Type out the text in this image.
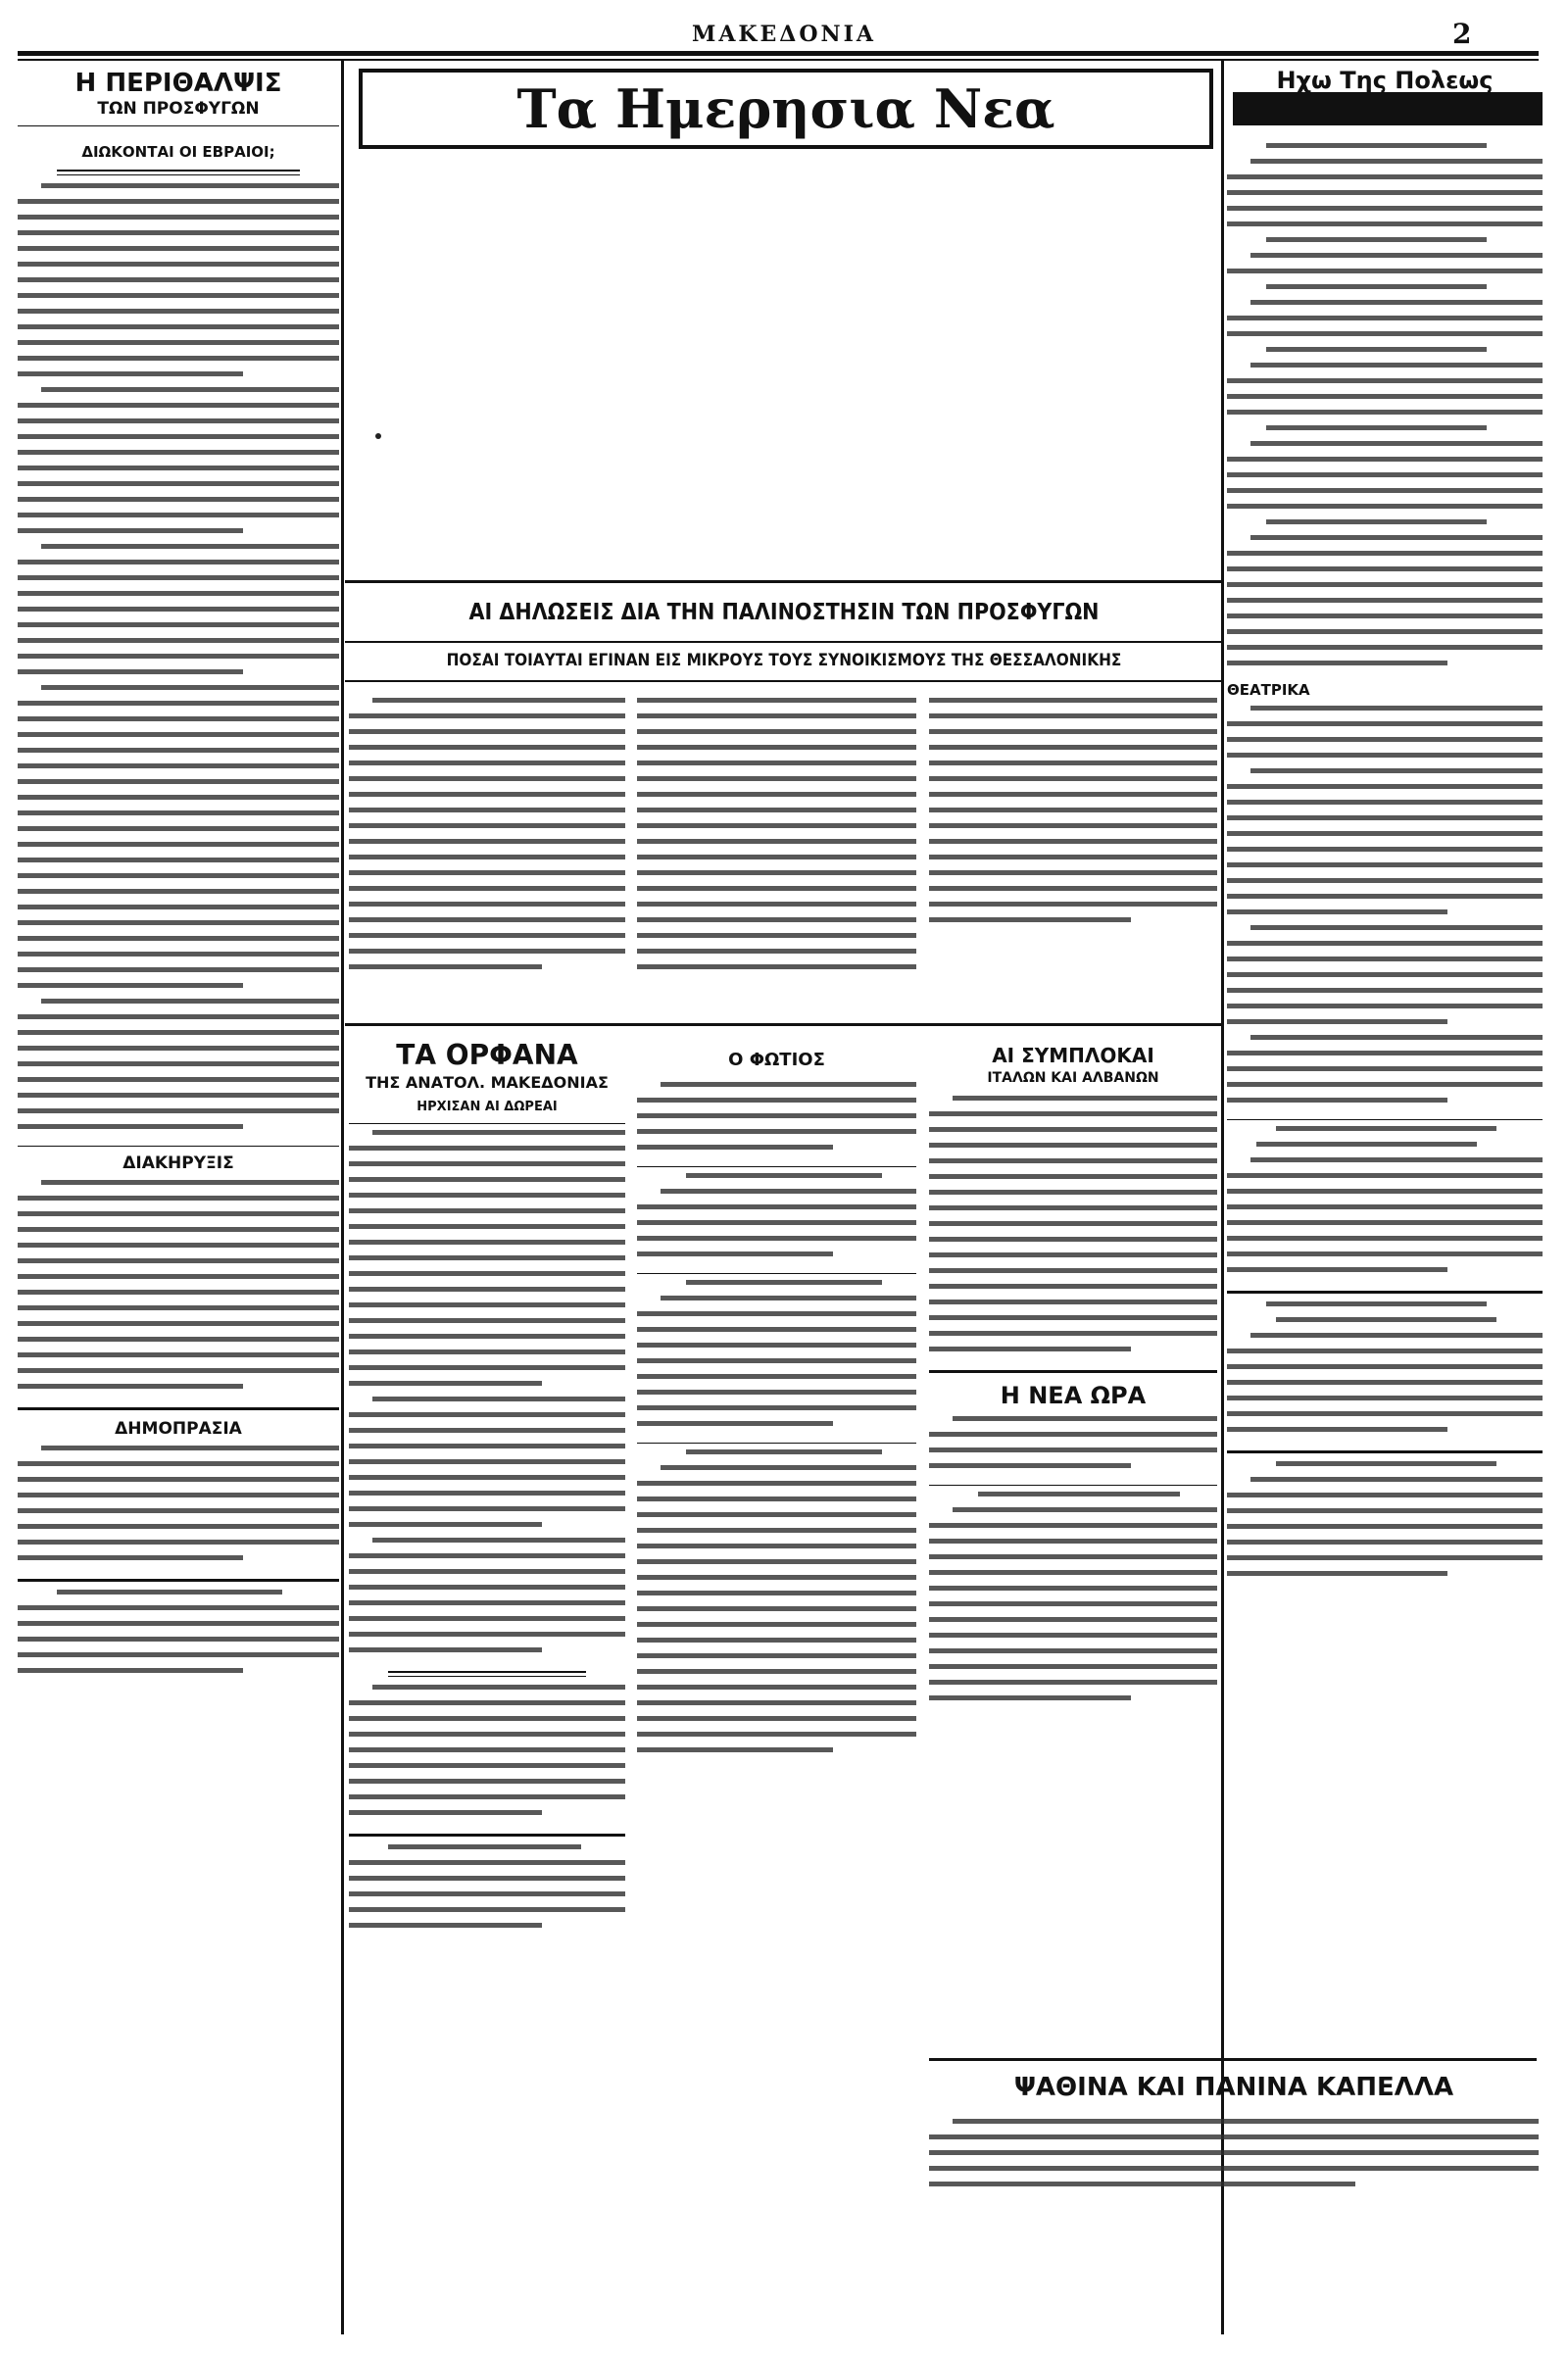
ΜΑΚΕΔΟΝΙΑ	2
Η ΠΕΡΙΘΑΛΨΙΣ
ΤΩΝ ΠΡΟΣΦΥΓΩΝ
ΔΙΩΚΟΝΤΑΙ ΟΙ ΕΒΡΑΙΟΙ;
ΔΙΑΚΗΡΥΞΙΣ
ΔΗΜΟΠΡΑΣΙΑ
Τα Ημερησια Νεα
ΑΙ ΔΗΛΩΣΕΙΣ ΔΙΑ ΤΗΝ ΠΑΛΙΝΟΣΤΗΣΙΝ ΤΩΝ ΠΡΟΣΦΥΓΩΝ
ΠΟΣΑΙ ΤΟΙΑΥΤΑΙ ΕΓΙΝΑΝ ΕΙΣ ΜΙΚΡΟΥΣ ΤΟΥΣ ΣΥΝΟΙΚΙΣΜΟΥΣ ΤΗΣ ΘΕΣΣΑΛΟΝΙΚΗΣ
ΤΑ ΟΡΦΑΝΑ
ΤΗΣ ΑΝΑΤΟΛ. ΜΑΚΕΔΟΝΙΑΣ
ΗΡΧΙΣΑΝ ΑΙ ΔΩΡΕΑΙ
Ο ΦΩΤΙΟΣ	ΑΙ ΣΥΜΠΛΟΚΑΙ
ΙΤΑΛΩΝ ΚΑΙ ΑΛΒΑΝΩΝ
Η ΝΕΑ ΩΡΑ
ΨΑΘΙΝΑ ΚΑΙ ΠΑΝΙΝΑ ΚΑΠΕΛΛΑ
Ηχω Της Πολεως
ΘΕΑΤΡΙΚΑ
